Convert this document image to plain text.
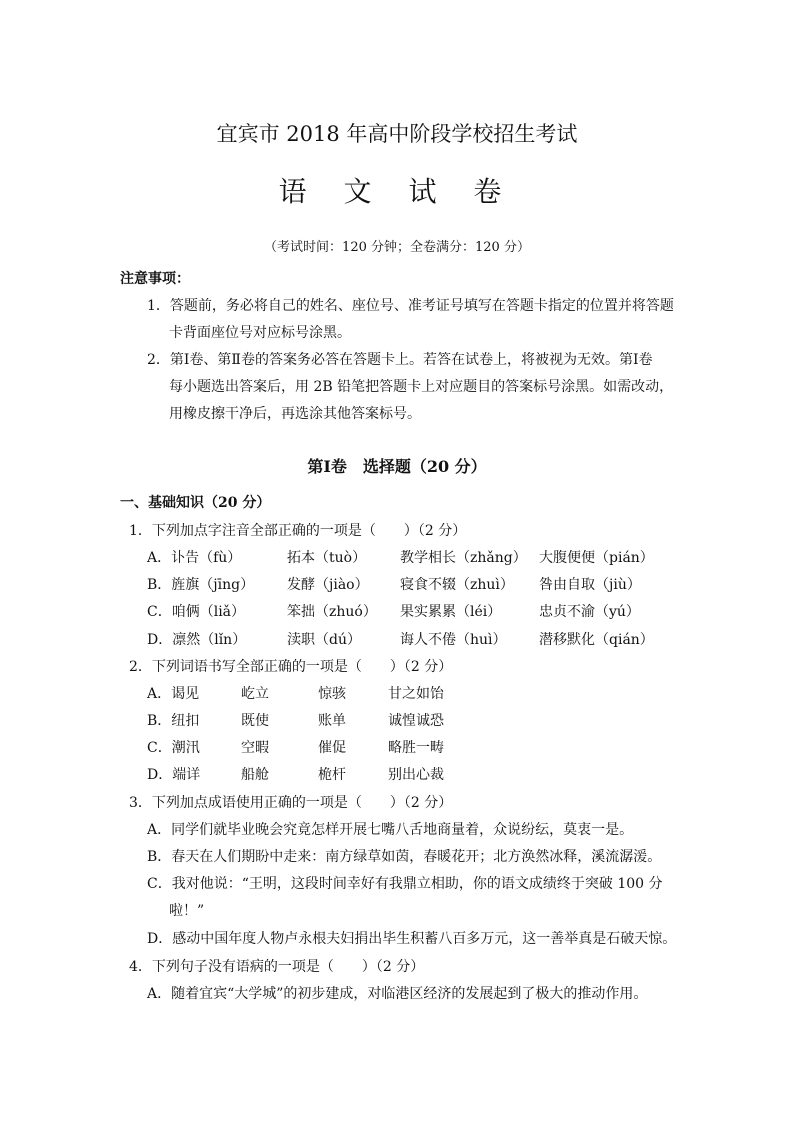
宜宾市 2018 年高中阶段学校招生考试
语 文 试 卷
（考试时间：120 分钟；全卷满分：120 分）
注意事项：
1．答题前，务必将自己的姓名、座位号、准考证号填写在答题卡指定的位置并将答题
卡背面座位号对应标号涂黑。
2．第Ⅰ卷、第Ⅱ卷的答案务必答在答题卡上。若答在试卷上，将被视为无效。第Ⅰ卷
每小题选出答案后，用 2B 铅笔把答题卡上对应题目的答案标号涂黑。如需改动，
用橡皮擦干净后，再选涂其他答案标号。
第Ⅰ卷　选择题（20 分）
一、基础知识（20 分）
1．下列加点字注音全部正确的一项是（　　）（2 分）
A．讣告（fù）	拓本（tuò） 教学相长（zhǎng） 大腹便便（pián）
B．旌旗（jīng） 发酵（jiào） 寝食不辍（zhuì） 咎由自取（jiù）
C．咱俩（liǎ）	笨拙（zhuó） 果实累累（léi）	忠贞不渝（yú）
D．凛然（lǐn）	渎职（dú）	诲人不倦（huì） 潜移默化（qián）
2．下列词语书写全部正确的一项是（　　）（2 分）
A．谒见	屹立	惊骇	甘之如饴
B．纽扣	既使	账单	诚惶诚恐
C．潮汛	空暇	催促	略胜一畴
D．端详	船舱	桅杆	别出心裁
3．下列加点成语使用正确的一项是（　　）（2 分）
A．同学们就毕业晚会究竟怎样开展七嘴八舌地商量着，众说纷纭，莫衷一是。
B．春天在人们期盼中走来：南方绿草如茵，春暖花开；北方涣然冰释，溪流潺湲。
C．我对他说：“王明，这段时间幸好有我鼎立相助，你的语文成绩终于突破 100 分
啦！”
D．感动中国年度人物卢永根夫妇捐出毕生积蓄八百多万元，这一善举真是石破天惊。
4．下列句子没有语病的一项是（　　）（2 分）
A．随着宜宾“大学城”的初步建成，对临港区经济的发展起到了极大的推动作用。
